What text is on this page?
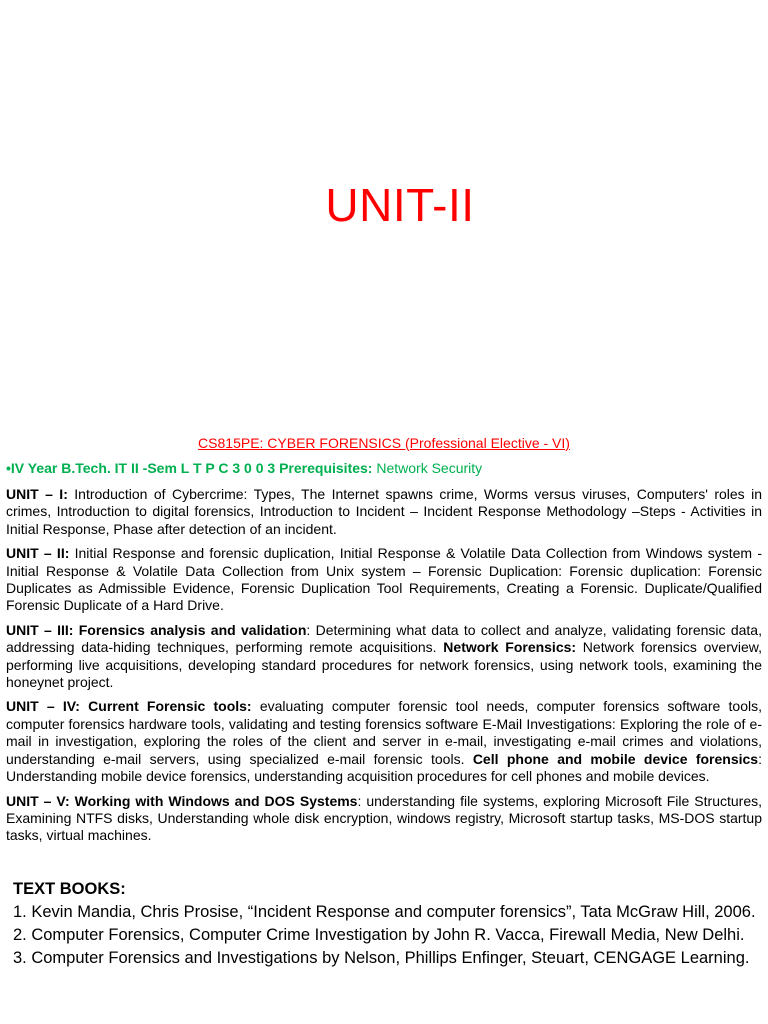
UNIT-II
CS815PE: CYBER FORENSICS (Professional Elective - VI)
•IV Year B.Tech. IT II -Sem L T P C 3 0 0 3 Prerequisites: Network Security

UNIT – I: Introduction of Cybercrime: Types, The Internet spawns crime, Worms versus viruses, Computers' roles in crimes, Introduction to digital forensics, Introduction to Incident – Incident Response Methodology –Steps - Activities in Initial Response, Phase after detection of an incident.

UNIT – II: Initial Response and forensic duplication, Initial Response & Volatile Data Collection from Windows system -Initial Response & Volatile Data Collection from Unix system – Forensic Duplication: Forensic duplication: Forensic Duplicates as Admissible Evidence, Forensic Duplication Tool Requirements, Creating a Forensic. Duplicate/Qualified Forensic Duplicate of a Hard Drive.

UNIT – III: Forensics analysis and validation: Determining what data to collect and analyze, validating forensic data, addressing data-hiding techniques, performing remote acquisitions. Network Forensics: Network forensics overview, performing live acquisitions, developing standard procedures for network forensics, using network tools, examining the honeynet project.

UNIT – IV: Current Forensic tools: evaluating computer forensic tool needs, computer forensics software tools, computer forensics hardware tools, validating and testing forensics software E-Mail Investigations: Exploring the role of e-mail in investigation, exploring the roles of the client and server in e-mail, investigating e-mail crimes and violations, understanding e-mail servers, using specialized e-mail forensic tools. Cell phone and mobile device forensics: Understanding mobile device forensics, understanding acquisition procedures for cell phones and mobile devices.

UNIT – V: Working with Windows and DOS Systems: understanding file systems, exploring Microsoft File Structures, Examining NTFS disks, Understanding whole disk encryption, windows registry, Microsoft startup tasks, MS-DOS startup tasks, virtual machines.

TEXT BOOKS:

1. Kevin Mandia, Chris Prosise, “Incident Response and computer forensics”, Tata McGraw Hill, 2006.

2. Computer Forensics, Computer Crime Investigation by John R. Vacca, Firewall Media, New Delhi.

3. Computer Forensics and Investigations by Nelson, Phillips Enfinger, Steuart, CENGAGE Learning.
